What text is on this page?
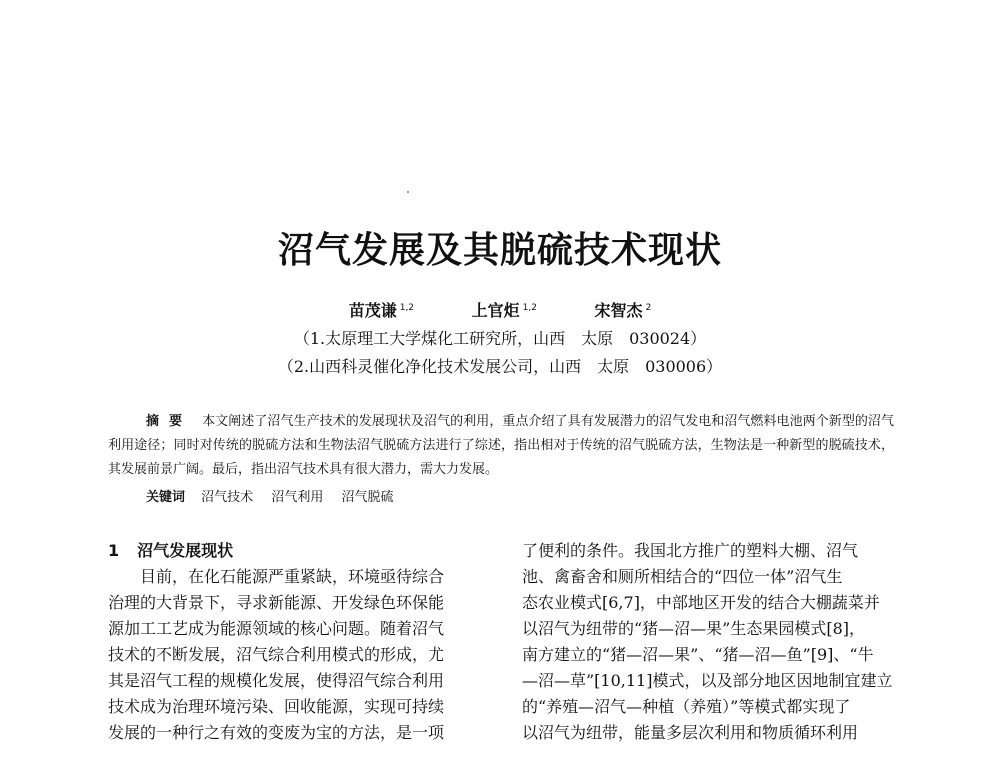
沼气发展及其脱硫技术现状
苗茂谦 $^{1,2}$	上官炬 $^{1,2}$	宋智杰 $^2$
（1.太原理工大学煤化工研究所，山西　太原　030024）
（2.山西科灵催化净化技术发展公司，山西　太原　030006）
摘要 本文阐述了沼气生产技术的发展现状及沼气的利用，重点介绍了具有发展潜力的沼气发电和沼气燃料电池两个新型的沼气利用途径；同时对传统的脱硫方法和生物法沼气脱硫方法进行了综述，指出相对于传统的沼气脱硫方法，生物法是一种新型的脱硫技术，其发展前景广阔。最后，指出沼气技术具有很大潜力，需大力发展。
关键词 沼气技术 沼气利用 沼气脱硫
1 沼气发展现状
目前，在化石能源严重紧缺，环境亟待综合
治理的大背景下，寻求新能源、开发绿色环保能
源加工工艺成为能源领域的核心问题。随着沼气
技术的不断发展，沼气综合利用模式的形成，尤
其是沼气工程的规模化发展，使得沼气综合利用
技术成为治理环境污染、回收能源，实现可持续
发展的一种行之有效的变废为宝的方法，是一项
了便利的条件。我国北方推广的塑料大棚、沼气
池、禽畜舍和厕所相结合的“四位一体”沼气生
态农业模式[6,7]，中部地区开发的结合大棚蔬菜并
以沼气为纽带的“猪—沼—果”生态果园模式[8]，
南方建立的“猪—沼—果”、“猪—沼—鱼”[9]、“牛
—沼—草”[10,11]模式，以及部分地区因地制宜建立
的“养殖—沼气—种植（养殖）”等模式都实现了
以沼气为纽带，能量多层次利用和物质循环利用
